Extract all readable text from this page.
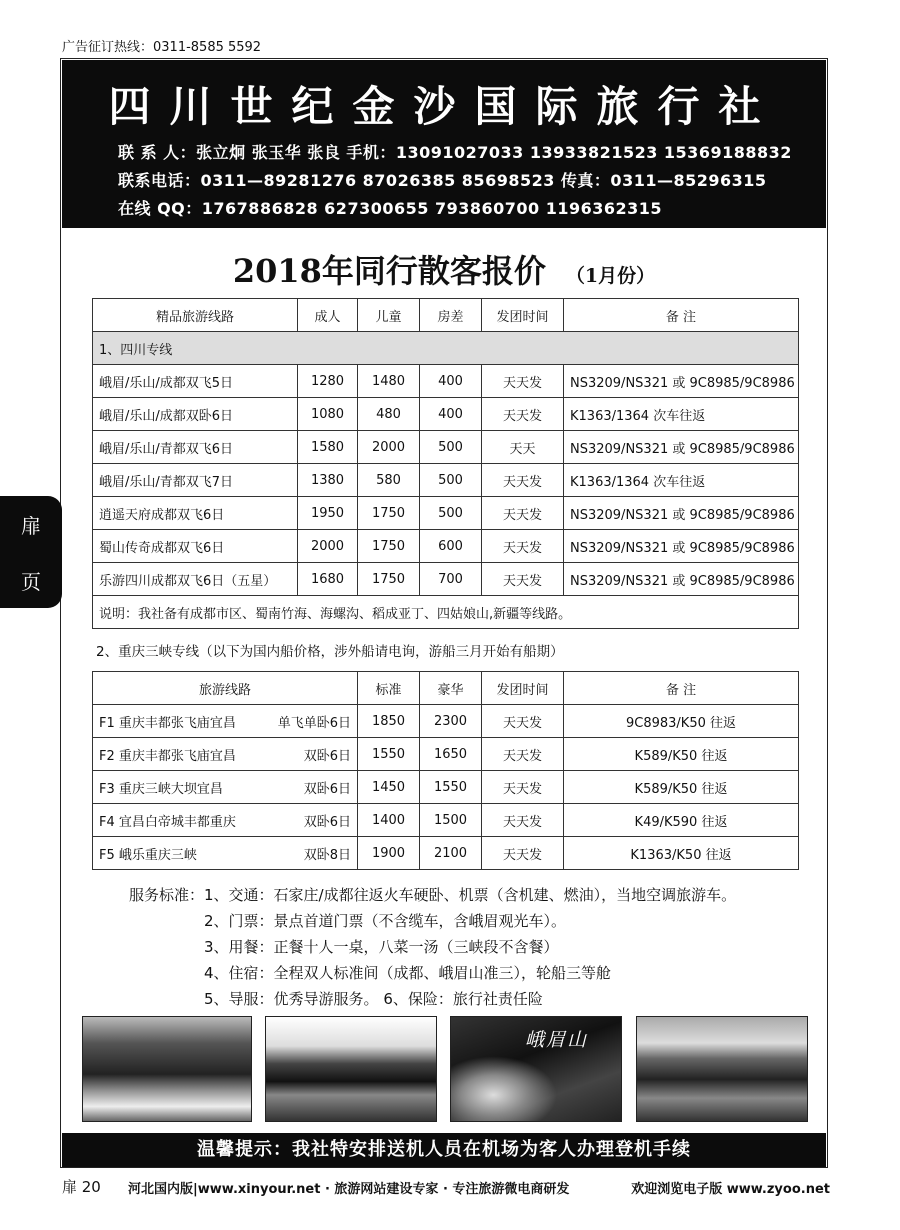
广告征订热线：0311-8585 5592
四川世纪金沙国际旅行社
联 系 人：张立炯 张玉华 张良 手机：13091027033 13933821523 15369188832
联系电话：0311—89281276 87026385 85698523 传真：0311—85296315
在线 QQ：1767886828 627300655 793860700 1196362315
2018年同行散客报价 （1月份）
精品旅游线路	成人	儿童	房差	发团时间	备 注
1、四川专线					
峨眉/乐山/成都双飞5日	1280	1480	400	天天发	NS3209/NS321 或 9C8985/9C8986
峨眉/乐山/成都双卧6日	1080	480	400	天天发	K1363/1364 次车往返
峨眉/乐山/青都双飞6日	1580	2000	500	天天	NS3209/NS321 或 9C8985/9C8986
峨眉/乐山/青都双飞7日	1380	580	500	天天发	K1363/1364 次车往返
逍遥天府成都双飞6日	1950	1750	500	天天发	NS3209/NS321 或 9C8985/9C8986
蜀山传奇成都双飞6日	2000	1750	600	天天发	NS3209/NS321 或 9C8985/9C8986
乐游四川成都双飞6日（五星）	1680	1750	700	天天发	NS3209/NS321 或 9C8985/9C8986
说明：我社备有成都市区、蜀南竹海、海螺沟、稻成亚丁、四姑娘山,新疆等线路。					
2、重庆三峡专线（以下为国内船价格，涉外船请电询，游船三月开始有船期）
旅游线路		标准	豪华	发团时间	备 注
F1 重庆丰都张飞庙宜昌	单飞单卧6日	1850	2300	天天发	9C8983/K50 往返
F2 重庆丰都张飞庙宜昌	双卧6日	1550	1650	天天发	K589/K50 往返
F3 重庆三峡大坝宜昌	双卧6日	1450	1550	天天发	K589/K50 往返
F4 宜昌白帝城丰都重庆	双卧6日	1400	1500	天天发	K49/K590 往返
F5 峨乐重庆三峡	双卧8日	1900	2100	天天发	K1363/K50 往返
服务标准：1、交通：石家庄/成都往返火车硬卧、机票（含机建、燃油），当地空调旅游车。
2、门票：景点首道门票（不含缆车，含峨眉观光车）。
3、用餐：正餐十人一桌，八菜一汤（三峡段不含餐）
4、住宿：全程双人标准间（成都、峨眉山准三），轮船三等舱
5、导服：优秀导游服务。 6、保险：旅行社责任险
扉
页
峨眉山
温馨提示：我社特安排送机人员在机场为客人办理登机手续
扉 20 河北国内版|www.xinyour.net · 旅游网站建设专家 · 专注旅游微电商研发	欢迎浏览电子版 www.zyoo.net
